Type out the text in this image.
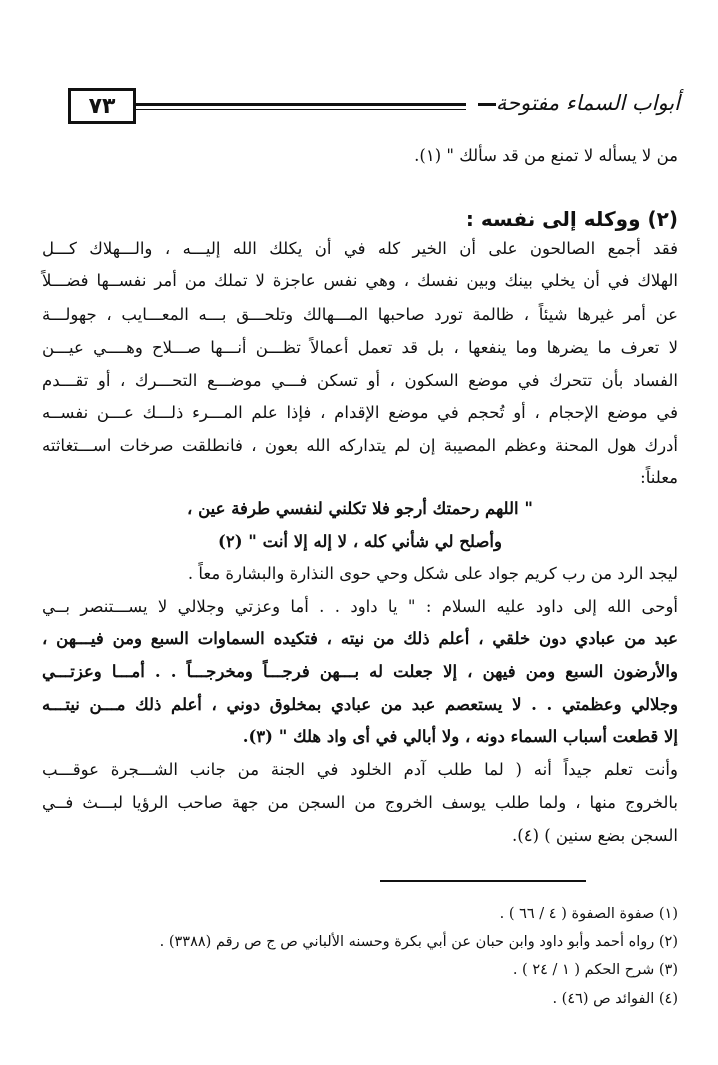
٧٣	أبواب السماء مفتوحة
من لا يسأله لا تمنع من قد سألك " (١).
(٢) ووكله إلى نفسه :
فقد أجمع الصالحون على أن الخير كله في أن يكلك الله إليـــه ، والـــهلاك كـــل
الهلاك في أن يخلي بينك وبين نفسك ، وهي نفس عاجزة لا تملك من أمر نفســها فضـــلاً
عن أمر غيرها شيئاً ، ظالمة تورد صاحبها المـــهالك وتلحـــق بـــه المعـــايب ، جهولـــة
لا تعرف ما يضرها وما ينفعها ، بل قد تعمل أعمالاً تظـــن أنـــها صـــلاح وهــــي عيـــن
الفساد بأن تتحرك في موضع السكون ، أو تسكن فـــي موضـــع التحـــرك ، أو تقـــدم
في موضع الإحجام ، أو تُحجم في موضع الإقدام ، فإذا علم المـــرء ذلـــك عـــن نفســه
أدرك هول المحنة وعظم المصيبة إن لم يتداركه الله بعون ، فانطلقت صرخات اســـتغاثته
معلناً:
" اللهم رحمتك أرجو فلا تكلني لنفسي طرفة عين ،
وأصلح لي شأني كله ، لا إله إلا أنت " (٢)
ليجد الرد من رب كريم جواد على شكل وحي حوى النذارة والبشارة معاً .
أوحى الله إلى داود عليه السلام : " يا داود . . أما وعزتي وجلالي لا يســـتنصر بــي
عبد من عبادي دون خلقي ، أعلم ذلك من نيته ، فتكيده السماوات السبع ومن فيـــهن ،
والأرضون السبع ومن فيهن ، إلا جعلت له بـــهن فرجـــاً ومخرجـــاً . . أمـــا وعزتـــي
وجلالي وعظمتي . . لا يستعصم عبد من عبادي بمخلوق دوني ، أعلم ذلك مـــن نيتـــه
إلا قطعت أسباب السماء دونه ، ولا أبالي في أى واد هلك " (٣).
وأنت تعلم جيداً أنه ( لما طلب آدم الخلود في الجنة من جانب الشـــجرة عوقـــب
بالخروج منها ، ولما طلب يوسف الخروج من السجن من جهة صاحب الرؤيا لبـــث فــي
السجن بضع سنين ) (٤).
(١) صفوة الصفوة ( ٤ / ٦٦ ) .
(٢) رواه أحمد وأبو داود وابن حبان عن أبي بكرة وحسنه الألباني ص ج ص رقم (٣٣٨٨) .
(٣) شرح الحكم ( ١ / ٢٤ ) .
(٤) الفوائد ص (٤٦) .
